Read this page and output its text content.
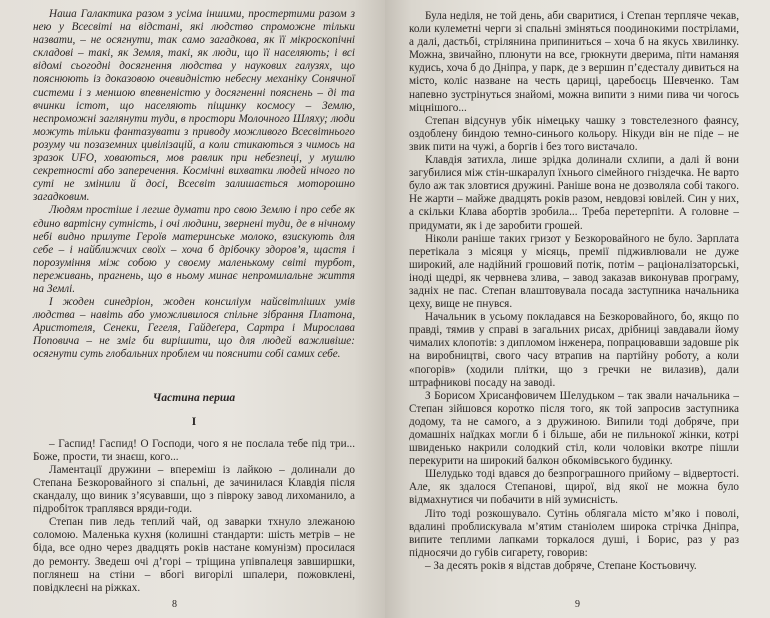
Наша Галактика разом з усіма іншими, простертими разом з нею у Всесвіті на відстані, які людство спроможне тільки назвати, – не осягнути, так само загадкова, як її мікроскопічні складові – такі, як Земля, такі, як люди, що її населяють; і всі відомі сьогодні досягнення людства у наукових галузях, що пояснюють із доказовою очевидністю небесну механіку Сонячної системи і з меншою впевненістю у досягненні пояснень – ді та вчинки істот, що населяють піщинку космосу – Землю, неспроможні заглянути туди, в простори Молочного Шляху; люди можуть тільки фантазувати з приводу можливого Всесвітнього розуму чи позаземних цивілізацій, а коли стикаються з чимось на зразок UFO, ховаються, мов равлик при небезпеці, у мушлю секретності або заперечення. Космічні вихватки людей нічого по суті не змінили й досі, Всесвіт залишається моторошно загадковим.

Людям простіше і легше думати про свою Землю і про себе як єдино вартісну сутність, і очі людини, звернені туди, де в нічному небі видно прилуте Героїв материнське молоко, взискують для себе – і найближчих своїх – хоча б дрібочку здоров’я, щастя і порозуміння між собою у своєму маленькому світі турбот, переживань, прагнень, що в ньому минає непромилальне життя на Землі.

І жоден синедріон, жоден консиліум найсвітліших умів людства – навіть або уможливилося спільне зібрання Платона, Аристотеля, Сенеки, Гегеля, Гайдеґера, Сартра і Мирослава Поповича – не зміг би вирішити, що для людей важливіше: осягнути суть глобальних проблем чи пояснити собі самих себе.

Частина перша
І

– Гаспид! Гаспид! О Господи, чого я не послала тебе під три... Боже, прости, ти знаєш, кого...

Ламентації дружини – впереміш із лайкою – долинали до Степана Безкоровайного зі спальні, де зачинилася Клавдія після скандалу, що виник з’ясувавши, що з півроку завод лихоманило, а підробіток траплявся вряди-годи.

Степан пив ледь теплий чай, од заварки тхнуло злежаною соломою. Маленька кухня (колишні стандарти: шість метрів – не біда, все одно через двадцять років настане комунізм) просилася до ремонту. Зведеш очі д’горі – тріщина упівпалеця завширшки, поглянеш на стіни – вбогі вигорілі шпалери, пожовклені, повідклеєні на ріжках.

8

Була неділя, не той день, аби сваритися, і Степан терпляче чекав, коли кулеметні черги зі спальні зміняться поодинокими пострілами, а далі, дастьбі, стрілянина припиниться – хоча б на якусь хвилинку. Можна, звичайно, плюнути на все, грюкнути дверима, піти наманяя кудись, хоча б до Дніпра, у парк, де з вершин п’єдесталу дивиться на місто, коліс назване на честь цариці, царебоєць Шевченко. Там напевно зустрінуться знайомі, можна випити з ними пива чи чогось міцнішого...

Степан відсунув убік німецьку чашку з товстелезного фаянсу, оздоблену биндою темно-синього кольору. Нікуди він не піде – не звик пити на чужі, а боргів і без того вистачало.

Клавдія затихла, лише зрідка долинали схлипи, а далі й вони загубилися між стін-шкаралуп їхнього сімейного гніздечка. Не варто було аж так зловтися дружині. Раніше вона не дозволяла собі такого. Не жарти – майже двадцять років разом, невдовзі ювілей. Син у них, а скільки Клава абортів зробила... Треба перетерпіти. А головне – придумати, як і де заробити грошей.

Ніколи раніше таких гризот у Безкоровайного не було. Зарплата перетікала з місяця у місяць, премії підживлювали не дуже широкий, але надійний грошовий потік, потім – раціоналізаторські, іноді щедрі, як червнева злива, – завод заказав виконував програму, задніх не пас. Степан влаштовувала посада заступника начальника цеху, вище не пнувся.

Начальник в усьому покладався на Безкоровайного, бо, якщо по правді, тямив у справі в загальних рисах, дрібниці завдавали йому чималих клопотів: з дипломом інженера, попрацювавши задовше рік на виробництві, свого часу втрапив на партійну роботу, а коли «погорів» (ходили плітки, що з гречки не вилазив), дали штрафникові посаду на заводі.

З Борисом Хрисанфовичем Шелудьком – так звали начальника – Степан зійшовся коротко після того, як той запросив заступника додому, та не самого, а з дружиною. Випили тоді добряче, при домашніх наїдках могли б і більше, аби не пильнокої жінки, котрі швиденько накрили солодкий стіл, коли чоловіки вкотре пішли перекурити на широкий балкон обкомівського будинку.

Шелудько тоді вдався до безпрограшного прийому – відвертості. Але, як здалося Степанові, щирої, від якої не можна було відмахнутися чи побачити в ній зумисність.

Літо тоді розкошувало. Сутінь облягала місто м’яко і поволі, вдалині проблискувала м’ятим станіолем широка стрічка Дніпра, випите теплими лапками торкалося душі, і Борис, раз у раз підносячи до губів сигарету, говорив:

– За десять років я відстав добряче, Степане Костьовичу.

9
